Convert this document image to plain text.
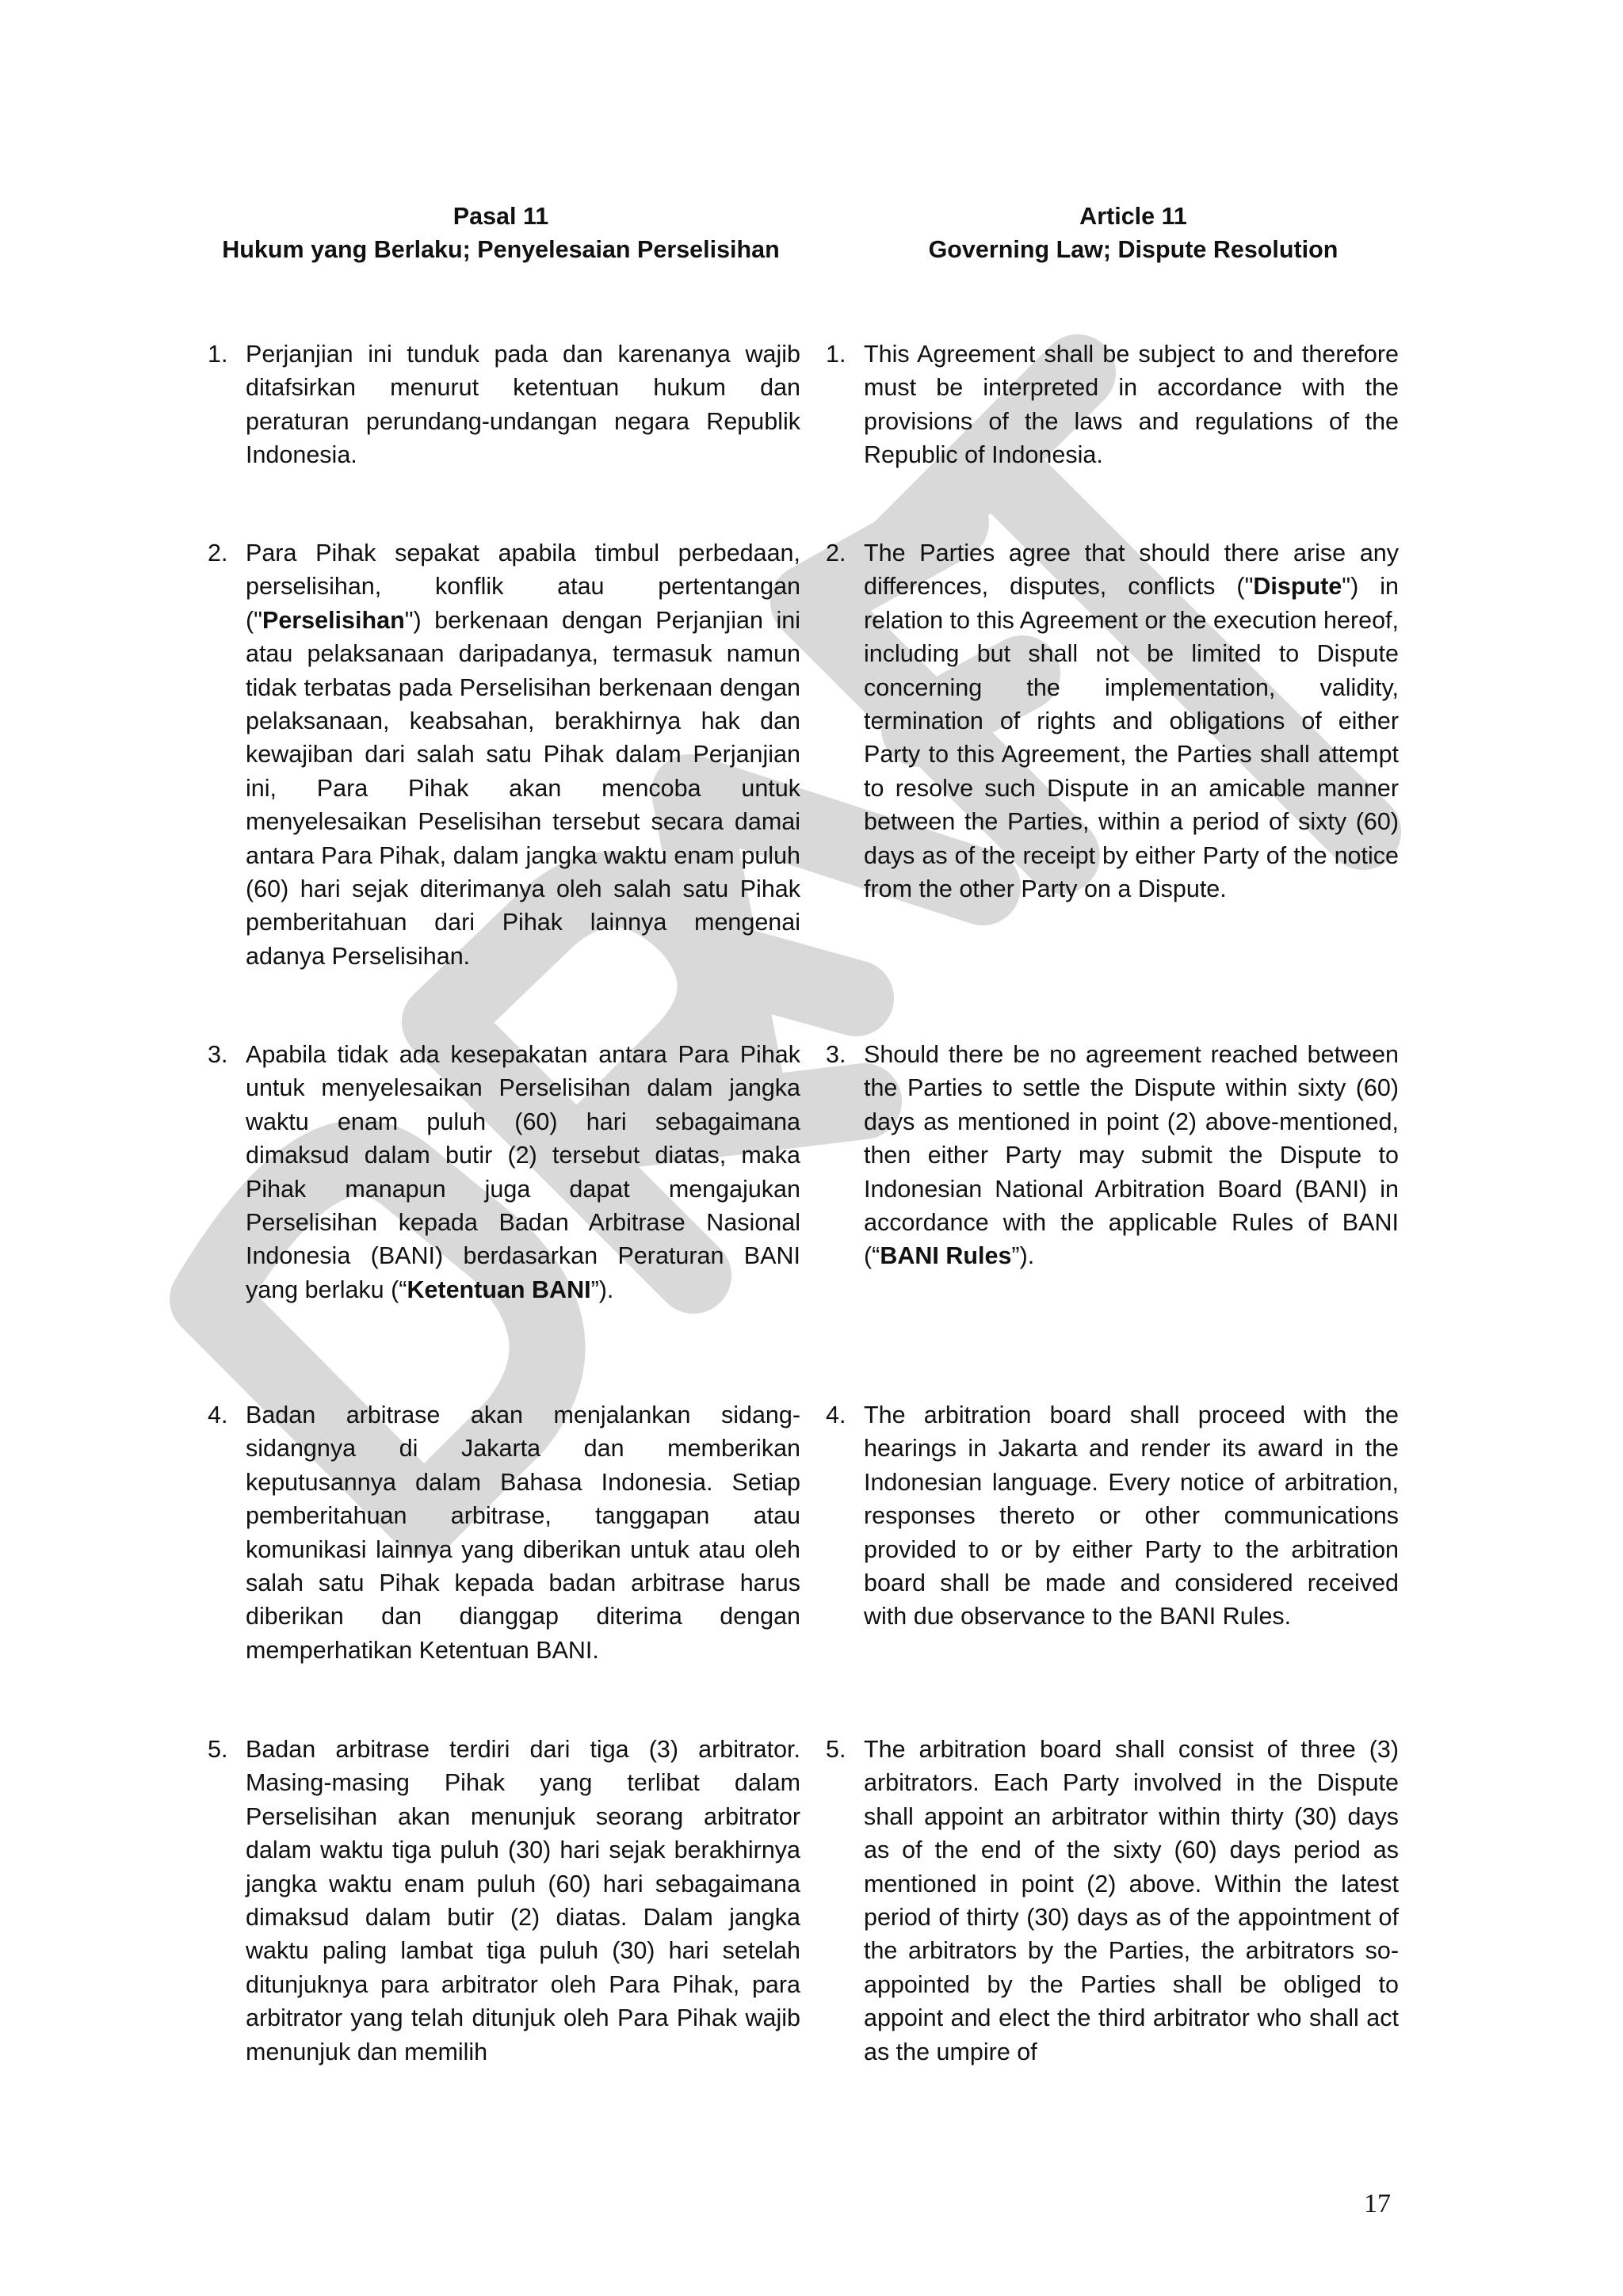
Pasal 11
Hukum yang Berlaku; Penyelesaian Perselisihan
Article 11
Governing Law; Dispute Resolution
1. Perjanjian ini tunduk pada dan karenanya wajib ditafsirkan menurut ketentuan hukum dan peraturan perundang-undangan negara Republik Indonesia.
2. Para Pihak sepakat apabila timbul perbedaan, perselisihan, konflik atau pertentangan ("Perselisihan") berkenaan dengan Perjanjian ini atau pelaksanaan daripadanya, termasuk namun tidak terbatas pada Perselisihan berkenaan dengan pelaksanaan, keabsahan, berakhirnya hak dan kewajiban dari salah satu Pihak dalam Perjanjian ini, Para Pihak akan mencoba untuk menyelesaikan Peselisihan tersebut secara damai antara Para Pihak, dalam jangka waktu enam puluh (60) hari sejak diterimanya oleh salah satu Pihak pemberitahuan dari Pihak lainnya mengenai adanya Perselisihan.
3. Apabila tidak ada kesepakatan antara Para Pihak untuk menyelesaikan Perselisihan dalam jangka waktu enam puluh (60) hari sebagaimana dimaksud dalam butir (2) tersebut diatas, maka Pihak manapun juga dapat mengajukan Perselisihan kepada Badan Arbitrase Nasional Indonesia (BANI) berdasarkan Peraturan BANI yang berlaku (“Ketentuan BANI”).
4. Badan arbitrase akan menjalankan sidang-sidangnya di Jakarta dan memberikan keputusannya dalam Bahasa Indonesia. Setiap pemberitahuan arbitrase, tanggapan atau komunikasi lainnya yang diberikan untuk atau oleh salah satu Pihak kepada badan arbitrase harus diberikan dan dianggap diterima dengan memperhatikan Ketentuan BANI.
5. Badan arbitrase terdiri dari tiga (3) arbitrator. Masing-masing Pihak yang terlibat dalam Perselisihan akan menunjuk seorang arbitrator dalam waktu tiga puluh (30) hari sejak berakhirnya jangka waktu enam puluh (60) hari sebagaimana dimaksud dalam butir (2) diatas. Dalam jangka waktu paling lambat tiga puluh (30) hari setelah ditunjuknya para arbitrator oleh Para Pihak, para arbitrator yang telah ditunjuk oleh Para Pihak wajib menunjuk dan memilih
1. This Agreement shall be subject to and therefore must be interpreted in accordance with the provisions of the laws and regulations of the Republic of Indonesia.
2. The Parties agree that should there arise any differences, disputes, conflicts ("Dispute") in relation to this Agreement or the execution hereof, including but shall not be limited to Dispute concerning the implementation, validity, termination of rights and obligations of either Party to this Agreement, the Parties shall attempt to resolve such Dispute in an amicable manner between the Parties, within a period of sixty (60) days as of the receipt by either Party of the notice from the other Party on a Dispute.
3. Should there be no agreement reached between the Parties to settle the Dispute within sixty (60) days as mentioned in point (2) above-mentioned, then either Party may submit the Dispute to Indonesian National Arbitration Board (BANI) in accordance with the applicable Rules of BANI (“BANI Rules”).
4. The arbitration board shall proceed with the hearings in Jakarta and render its award in the Indonesian language. Every notice of arbitration, responses thereto or other communications provided to or by either Party to the arbitration board shall be made and considered received with due observance to the BANI Rules.
5. The arbitration board shall consist of three (3) arbitrators. Each Party involved in the Dispute shall appoint an arbitrator within thirty (30) days as of the end of the sixty (60) days period as mentioned in point (2) above. Within the latest period of thirty (30) days as of the appointment of the arbitrators by the Parties, the arbitrators so-appointed by the Parties shall be obliged to appoint and elect the third arbitrator who shall act as the umpire of
17
